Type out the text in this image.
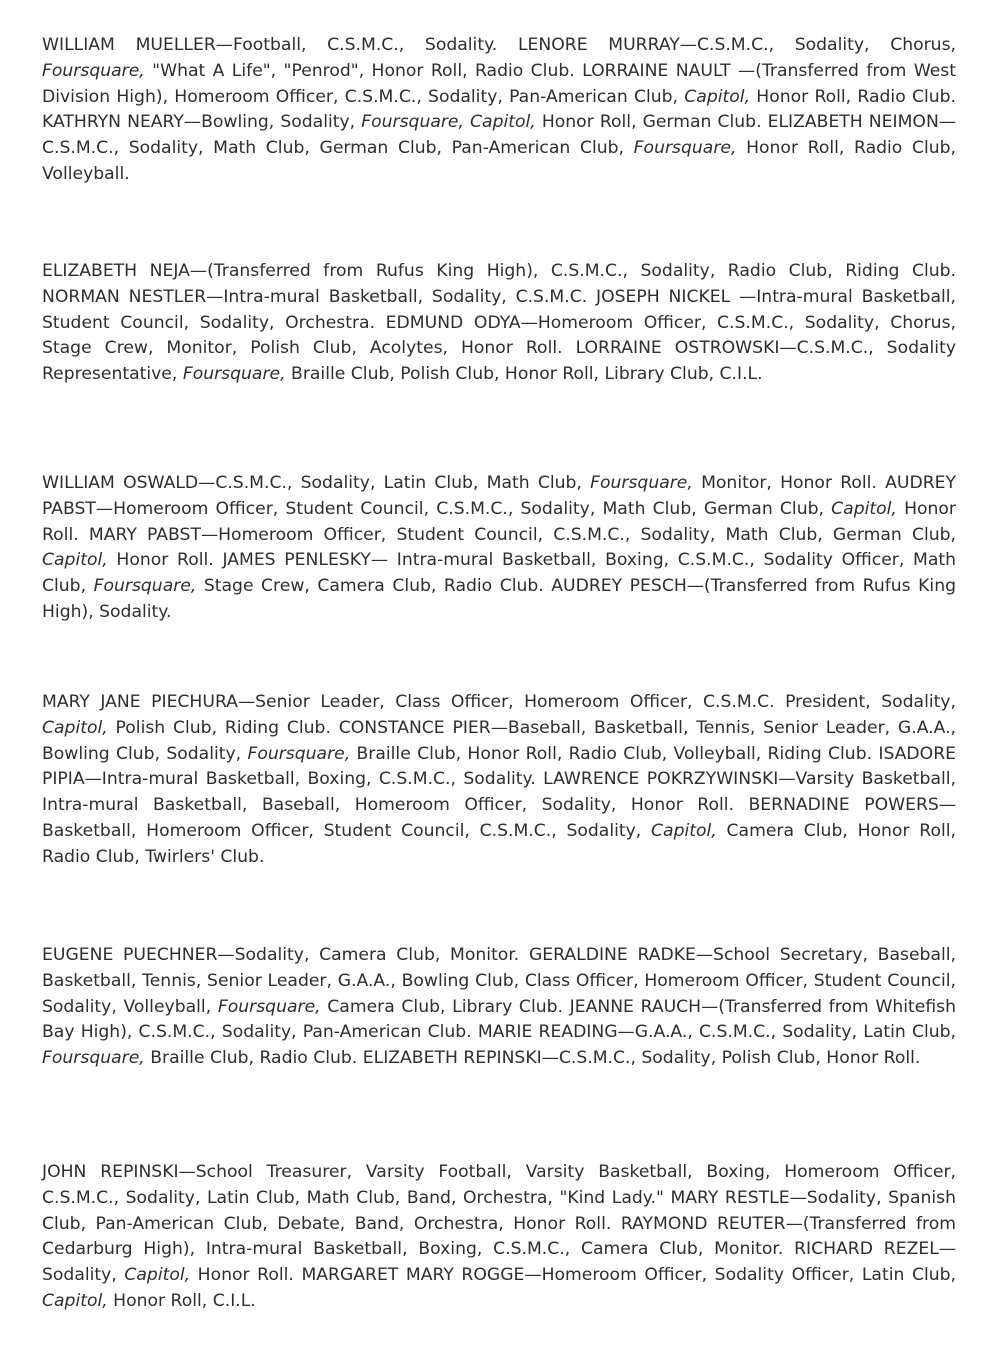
WILLIAM MUELLER—Football, C.S.M.C., Sodality. LENORE MURRAY—C.S.M.C., Sodality, Chorus, Foursquare, "What A Life", "Penrod", Honor Roll, Radio Club. LORRAINE NAULT —(Transferred from West Division High), Homeroom Officer, C.S.M.C., Sodality, Pan-American Club, Capitol, Honor Roll, Radio Club. KATHRYN NEARY—Bowling, Sodality, Foursquare, Capitol, Honor Roll, German Club. ELIZABETH NEIMON—C.S.M.C., Sodality, Math Club, German Club, Pan-American Club, Foursquare, Honor Roll, Radio Club, Volleyball.

ELIZABETH NEJA—(Transferred from Rufus King High), C.S.M.C., Sodality, Radio Club, Riding Club. NORMAN NESTLER—Intra-mural Basketball, Sodality, C.S.M.C. JOSEPH NICKEL —Intra-mural Basketball, Student Council, Sodality, Orchestra. EDMUND ODYA—Homeroom Officer, C.S.M.C., Sodality, Chorus, Stage Crew, Monitor, Polish Club, Acolytes, Honor Roll. LORRAINE OSTROWSKI—C.S.M.C., Sodality Representative, Foursquare, Braille Club, Polish Club, Honor Roll, Library Club, C.I.L.

WILLIAM OSWALD—C.S.M.C., Sodality, Latin Club, Math Club, Foursquare, Monitor, Honor Roll. AUDREY PABST—Homeroom Officer, Student Council, C.S.M.C., Sodality, Math Club, German Club, Capitol, Honor Roll. MARY PABST—Homeroom Officer, Student Council, C.S.M.C., Sodality, Math Club, German Club, Capitol, Honor Roll. JAMES PENLESKY— Intra-mural Basketball, Boxing, C.S.M.C., Sodality Officer, Math Club, Foursquare, Stage Crew, Camera Club, Radio Club. AUDREY PESCH—(Transferred from Rufus King High), Sodality.

MARY JANE PIECHURA—Senior Leader, Class Officer, Homeroom Officer, C.S.M.C. President, Sodality, Capitol, Polish Club, Riding Club. CONSTANCE PIER—Baseball, Basketball, Tennis, Senior Leader, G.A.A., Bowling Club, Sodality, Foursquare, Braille Club, Honor Roll, Radio Club, Volleyball, Riding Club. ISADORE PIPIA—Intra-mural Basketball, Boxing, C.S.M.C., Sodality. LAWRENCE POKRZYWINSKI—Varsity Basketball, Intra-mural Basketball, Baseball, Homeroom Officer, Sodality, Honor Roll. BERNADINE POWERS—Basketball, Homeroom Officer, Student Council, C.S.M.C., Sodality, Capitol, Camera Club, Honor Roll, Radio Club, Twirlers' Club.

EUGENE PUECHNER—Sodality, Camera Club, Monitor. GERALDINE RADKE—School Secretary, Baseball, Basketball, Tennis, Senior Leader, G.A.A., Bowling Club, Class Officer, Homeroom Officer, Student Council, Sodality, Volleyball, Foursquare, Camera Club, Library Club. JEANNE RAUCH—(Transferred from Whitefish Bay High), C.S.M.C., Sodality, Pan-American Club. MARIE READING—G.A.A., C.S.M.C., Sodality, Latin Club, Foursquare, Braille Club, Radio Club. ELIZABETH REPINSKI—C.S.M.C., Sodality, Polish Club, Honor Roll.

JOHN REPINSKI—School Treasurer, Varsity Football, Varsity Basketball, Boxing, Homeroom Officer, C.S.M.C., Sodality, Latin Club, Math Club, Band, Orchestra, "Kind Lady." MARY RESTLE—Sodality, Spanish Club, Pan-American Club, Debate, Band, Orchestra, Honor Roll. RAYMOND REUTER—(Transferred from Cedarburg High), Intra-mural Basketball, Boxing, C.S.M.C., Camera Club, Monitor. RICHARD REZEL—Sodality, Capitol, Honor Roll. MARGARET MARY ROGGE—Homeroom Officer, Sodality Officer, Latin Club, Capitol, Honor Roll, C.I.L.
